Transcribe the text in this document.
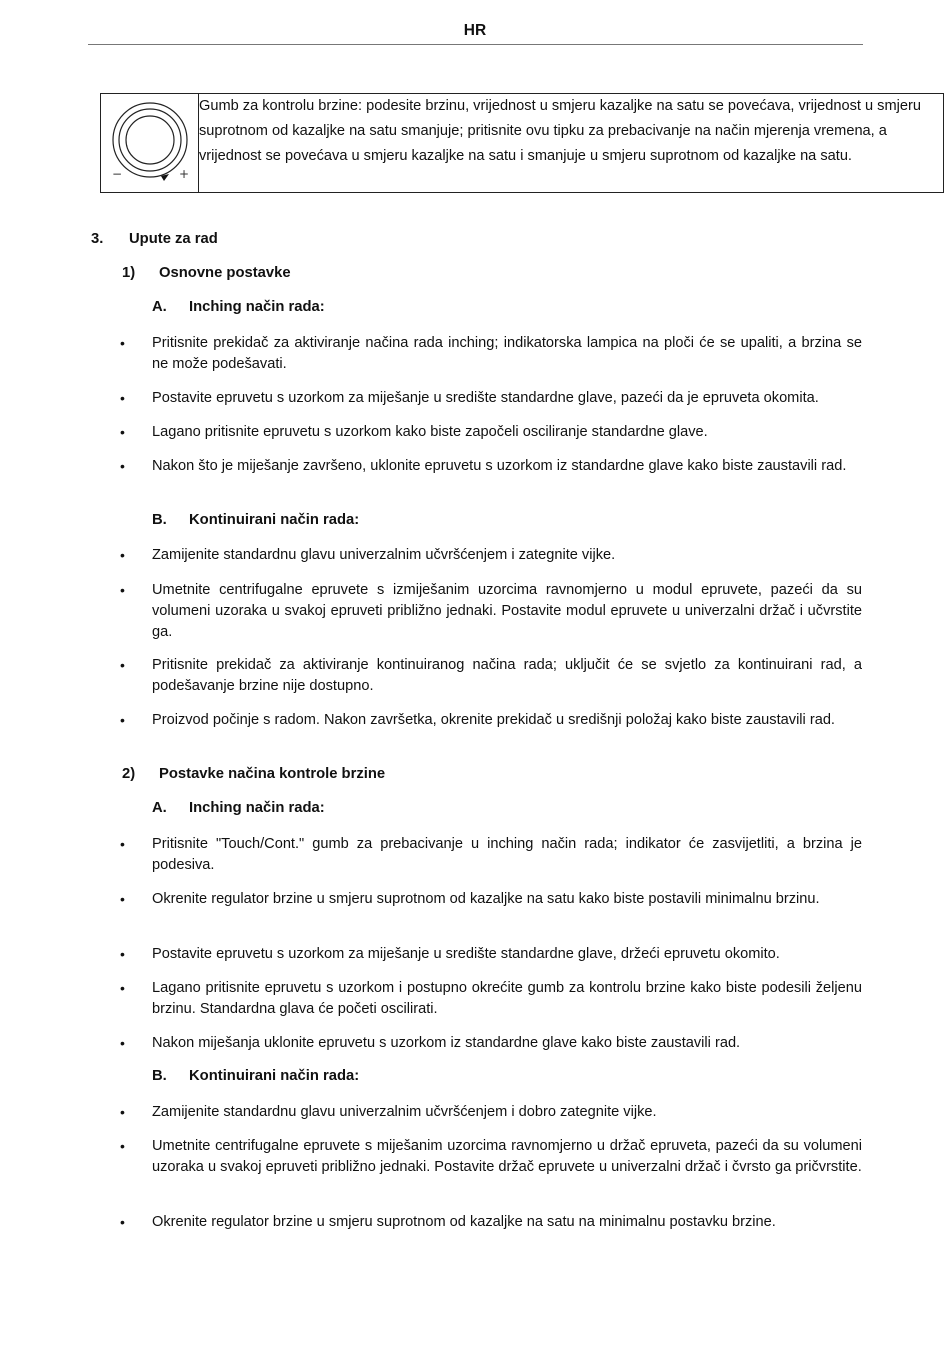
HR
−	+
Gumb za kontrolu brzine: podesite brzinu, vrijednost u smjeru kazaljke na satu se povećava, vrijednost u smjeru suprotnom od kazaljke na satu smanjuje; pritisnite ovu tipku za prebacivanje na način mjerenja vremena, a vrijednost se povećava u smjeru kazaljke na satu i smanjuje u smjeru suprotnom od kazaljke na satu.
3. Upute za rad
1) Osnovne postavke
A. Inching način rada:
• Pritisnite prekidač za aktiviranje načina rada inching; indikatorska lampica na ploči će se upaliti, a brzina se ne može podešavati.
• Postavite epruvetu s uzorkom za miješanje u središte standardne glave, pazeći da je epruveta okomita.
• Lagano pritisnite epruvetu s uzorkom kako biste započeli osciliranje standardne glave.
• Nakon što je miješanje završeno, uklonite epruvetu s uzorkom iz standardne glave kako biste zaustavili rad.
B. Kontinuirani način rada:
• Zamijenite standardnu glavu univerzalnim učvršćenjem i zategnite vijke.
• Umetnite centrifugalne epruvete s izmiješanim uzorcima ravnomjerno u modul epruvete, pazeći da su volumeni uzoraka u svakoj epruveti približno jednaki. Postavite modul epruvete u univerzalni držač i učvrstite ga.
• Pritisnite prekidač za aktiviranje kontinuiranog načina rada; uključit će se svjetlo za kontinuirani rad, a podešavanje brzine nije dostupno.
• Proizvod počinje s radom. Nakon završetka, okrenite prekidač u središnji položaj kako biste zaustavili rad.
2) Postavke načina kontrole brzine
A. Inching način rada:
• Pritisnite "Touch/Cont." gumb za prebacivanje u inching način rada; indikator će zasvijetliti, a brzina je podesiva.
• Okrenite regulator brzine u smjeru suprotnom od kazaljke na satu kako biste postavili minimalnu brzinu.
• Postavite epruvetu s uzorkom za miješanje u središte standardne glave, držeći epruvetu okomito.
• Lagano pritisnite epruvetu s uzorkom i postupno okrećite gumb za kontrolu brzine kako biste podesili željenu brzinu. Standardna glava će početi oscilirati.
• Nakon miješanja uklonite epruvetu s uzorkom iz standardne glave kako biste zaustavili rad.
B. Kontinuirani način rada:
• Zamijenite standardnu glavu univerzalnim učvršćenjem i dobro zategnite vijke.
• Umetnite centrifugalne epruvete s miješanim uzorcima ravnomjerno u držač epruveta, pazeći da su volumeni uzoraka u svakoj epruveti približno jednaki. Postavite držač epruvete u univerzalni držač i čvrsto ga pričvrstite.
• Okrenite regulator brzine u smjeru suprotnom od kazaljke na satu na minimalnu postavku brzine.
